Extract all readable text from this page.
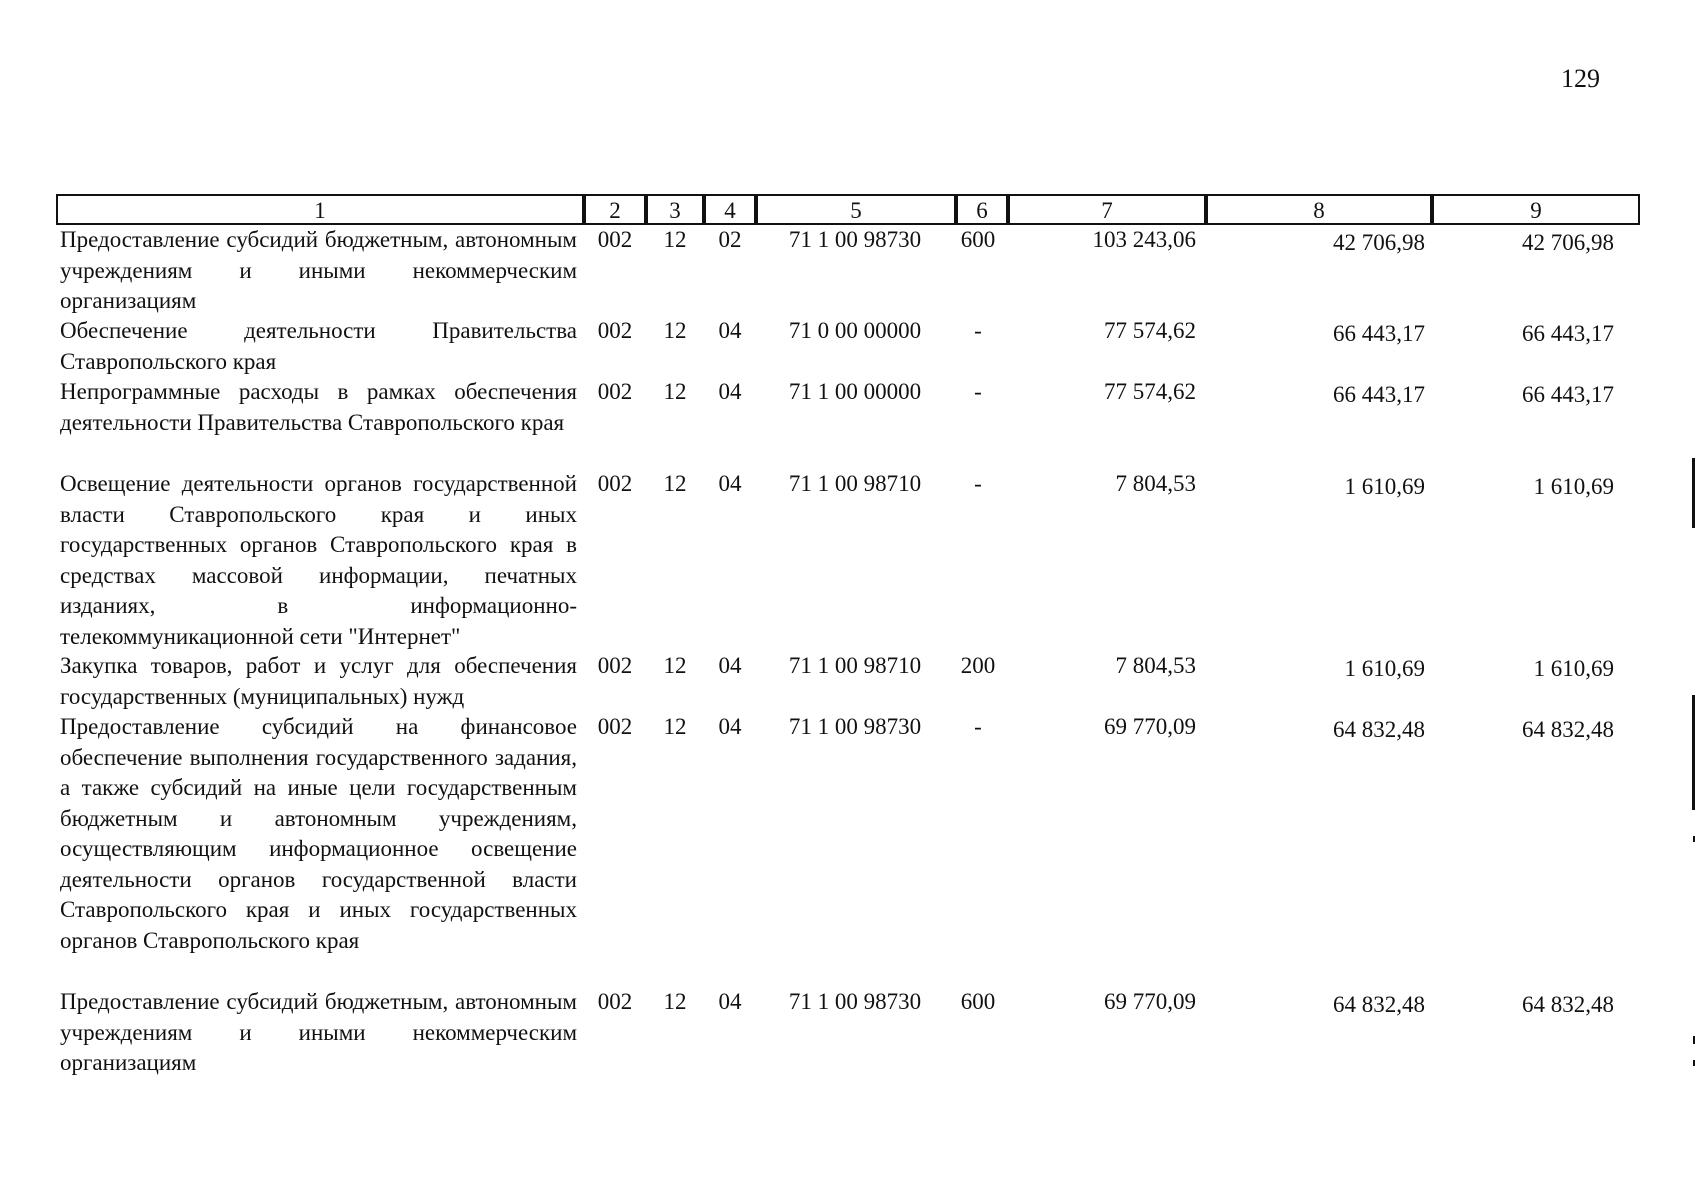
129
1	2	3	4	5	6	7	8	9
Предоставление субсидий бюджетным, автономным учреждениям и иными некоммерческим организациям
002	12	02	71 1 00 98730	600	103 243,06	42 706,98	42 706,98
Обеспечение деятельности Правительства Ставропольского края
002	12	04	71 0 00 00000	-	77 574,62	66 443,17	66 443,17
Непрограммные расходы в рамках обеспечения деятельности Правительства Ставропольского края
002	12	04	71 1 00 00000	-	77 574,62	66 443,17	66 443,17
Освещение деятельности органов государственной власти Ставропольского края и иных государственных органов Ставропольского края в средствах массовой информации, печатных изданиях, в информационно-телекоммуникационной сети "Интернет"
002	12	04	71 1 00 98710	-	7 804,53	1 610,69	1 610,69
Закупка товаров, работ и услуг для обеспечения государственных (муниципальных) нужд
002	12	04	71 1 00 98710	200	7 804,53	1 610,69	1 610,69
Предоставление субсидий на финансовое обеспечение выполнения государственного задания, а также субсидий на иные цели государственным бюджетным и автономным учреждениям, осуществляющим информационное освещение деятельности органов государственной власти Ставропольского края и иных государственных органов Ставропольского края
002	12	04	71 1 00 98730	-	69 770,09	64 832,48	64 832,48
Предоставление субсидий бюджетным, автономным учреждениям и иными некоммерческим организациям
002	12	04	71 1 00 98730	600	69 770,09	64 832,48	64 832,48
